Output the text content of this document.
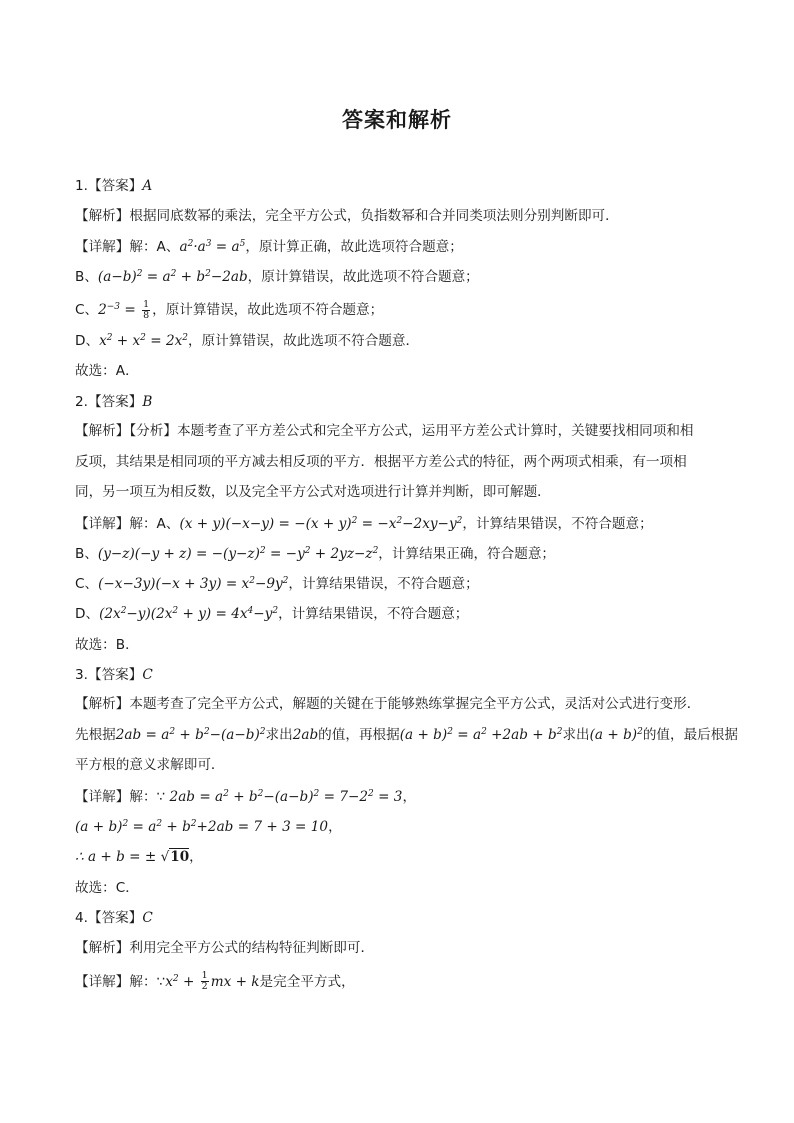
答案和解析
1.【答案】A
【解析】根据同底数幂的乘法，完全平方公式，负指数幂和合并同类项法则分别判断即可．
【详解】解：A、$a^2\cdot a^3 = a^5$，原计算正确，故此选项符合题意；
B、$(a-b)^2 = a^2 + b^2-2ab$，原计算错误，故此选项不符合题意；
C、$2^{-3} = \frac{1}{8}$ ，原计算错误，故此选项不符合题意；
D、$x^2 + x^2 = 2x^2$，原计算错误，故此选项不符合题意．
故选：A．
2.【答案】B
【解析】【分析】本题考查了平方差公式和完全平方公式，运用平方差公式计算时，关键要找相同项和相
反项，其结果是相同项的平方减去相反项的平方．根据平方差公式的特征，两个两项式相乘，有一项相
同，另一项互为相反数，以及完全平方公式对选项进行计算并判断，即可解题．
【详解】解：A、$(x + y)(-x-y) = -(x + y)^2 = -x^2-2xy-y^2$，计算结果错误，不符合题意；
B、$(y-z)(-y + z) = -(y-z)^2 = -y^2 + 2yz-z^2$，计算结果正确，符合题意；
C、$(-x-3y)(-x + 3y) = x^2-9y^2$，计算结果错误，不符合题意；
D、$(2x^2-y)(2x^2 + y) = 4x^4-y^2$，计算结果错误，不符合题意；
故选：B．
3.【答案】C
【解析】本题考查了完全平方公式，解题的关键在于能够熟练掌握完全平方公式，灵活对公式进行变形．
先根据$2ab = a^2 + b^2-(a-b)^2$求出2ab的值，再根据$(a + b)^2 = a^2 +2ab + b^2$求出$(a + b)^2$的值，最后根据
平方根的意义求解即可．
【详解】解：∵ $2ab = a^2 + b^2-(a-b)^2 = 7-2^2 = 3$，
$(a + b)^2 = a^2 + b^2+2ab = 7 + 3 = 10$，
∴ a + b = ± √10，
故选：C．
4.【答案】C
【解析】利用完全平方公式的结构特征判断即可．
【详解】解：$\because x^2 + \frac{1}{2}$ mx + k是完全平方式，
